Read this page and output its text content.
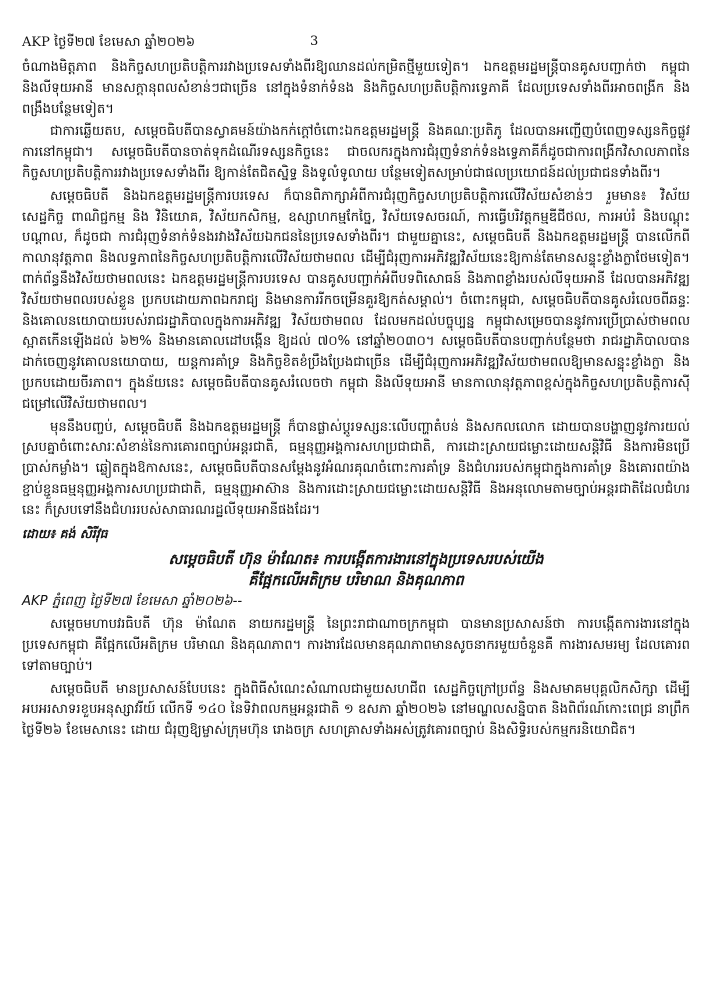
AKP ថ្ងៃទី២៧ ខែមេសា ឆ្នាំ២០២៦	3

ចំណាងមិត្តភាព និងកិច្ចសហប្រតិបត្តិការរវាងប្រទេសទាំងពីរឱ្យឈានដល់កម្រិតថ្មីមួយទៀត។ ឯកឧត្តមរដ្ឋមន្ត្រីបានគូសបញ្ជាក់ថា កម្ពុជា និងលីទុយអានី មានសក្តានុពលសំខាន់ៗជាច្រើន នៅក្នុងទំនាក់ទំនង និងកិច្ចសហប្រតិបត្តិការទ្វេភាគី ដែលប្រទេសទាំងពីរអាចពង្រីក និង ពង្រឹងបន្ថែមទៀត។

ជាការឆ្លើយតប, សម្តេចធិបតីបានស្វាគមន៍យ៉ាងកក់ក្តៅចំពោះឯកឧត្តមរដ្ឋមន្ត្រី និងគណៈប្រតិភូ ដែលបានអញ្ជើញបំពេញទស្សនកិច្ចផ្លូវការនៅកម្ពុជា។ សម្តេចធិបតីបានចាត់ទុកដំណើរទស្សនកិច្ចនេះ ជាចលករក្នុងការជំរុញទំនាក់ទំនងទ្វេភាគីក៏ដូចជាការពង្រីកវិសាលភាពនៃកិច្ចសហប្រតិបត្តិការរវាងប្រទេសទាំងពីរ ឱ្យកាន់តែជិតស្និទ្ធ និងទូលំទូលាយ បន្ថែមទៀតសម្រាប់ជាផលប្រយោជន៍ដល់ប្រជាជនទាំងពីរ។

សម្តេចធិបតី និងឯកឧត្តមរដ្ឋមន្ត្រីការបរទេស ក៏បានពិភាក្សាអំពីការជំរុញកិច្ចសហប្រតិបត្តិការលើវិស័យសំខាន់ៗ រួមមាន៖ វិស័យសេដ្ឋកិច្ច ពាណិជ្ជកម្ម និង វិនិយោគ, វិស័យកសិកម្ម, ឧស្សាហកម្មកែច្នៃ, វិស័យទេសចរណ៍, ការធ្វើបរិវត្តកម្មឌីជីថល, ការអប់រំ និងបណ្តុះបណ្តាល, ក៏ដូចជា ការជំរុញទំនាក់ទំនងរវាងវិស័យឯកជននៃប្រទេសទាំងពីរ។ ជាមួយគ្នានេះ, សម្តេចធិបតី និងឯកឧត្តមរដ្ឋមន្ត្រី បានលើកពីកាលានុវត្តភាព និងលទ្ធភាពនៃកិច្ចសហប្រតិបត្តិការលើវិស័យថាមពល ដើម្បីជំរុញការអភិវឌ្ឍវិស័យនេះឱ្យកាន់តែមានសន្ទុះខ្លាំងក្លាថែមទៀត។ ពាក់ព័ន្ធនឹងវិស័យថាមពលនេះ ឯកឧត្តមរដ្ឋមន្ត្រីការបរទេស បានគូសបញ្ជាក់អំពីបទពិសោធន៍ និងភាពខ្លាំងរបស់លីទុយអានី ដែលបានអភិវឌ្ឍវិស័យថាមពលរបស់ខ្លួន ប្រកបដោយភាពឯករាជ្យ និងមានការរីកចម្រើនគួរឱ្យកត់សម្គាល់។ ចំពោះកម្ពុជា, សម្តេចធិបតីបានគូសរំលេចពីឆន្ទៈ និងគោលនយោបាយរបស់រាជរដ្ឋាភិបាលក្នុងការអភិវឌ្ឍ វិស័យថាមពល ដែលមកដល់បច្ចុប្បន្ន កម្ពុជាសម្រេចបាននូវការប្រើប្រាស់ថាមពលស្អាតកើនឡើងដល់ ៦២% និងមានគោលដៅបង្កើន ឱ្យដល់ ៧០% នៅឆ្នាំ២០៣០។ សម្តេចធិបតីបានបញ្ជាក់បន្ថែមថា រាជរដ្ឋាភិបាលបានដាក់ចេញនូវគោលនយោបាយ, យន្តការគាំទ្រ និងកិច្ចខិតខំប្រឹងប្រែងជាច្រើន ដើម្បីជំរុញការអភិវឌ្ឍវិស័យថាមពលឱ្យមានសន្ទុះខ្លាំងក្លា និងប្រកបដោយចីរភាព។ ក្នុងន័យនេះ សម្តេចធិបតីបានគូសរំលេចថា កម្ពុជា និងលីទុយអានី មានកាលានុវត្តភាពខ្ពស់ក្នុងកិច្ចសហប្រតិបត្តិការស៊ីជម្រៅលើវិស័យថាមពល។

មុននឹងបញ្ចប់, សម្តេចធិបតី និងឯកឧត្តមរដ្ឋមន្ត្រី ក៏បានផ្លាស់ប្តូរទស្សនៈលើបញ្ហាតំបន់ និងសកលលោក ដោយបានបង្ហាញនូវការយល់ស្របគ្នាចំពោះសារៈសំខាន់នៃការគោរពច្បាប់អន្តរជាតិ, ធម្មនុញ្ញអង្គការសហប្រជាជាតិ, ការដោះស្រាយជម្លោះដោយសន្តិវិធី និងការមិនប្រើប្រាស់កម្លាំង។ ឆ្លៀតក្នុងឱកាសនេះ, សម្តេចធិបតីបានសម្តែងនូវអំណរគុណចំពោះការគាំទ្រ និងជំហររបស់កម្ពុជាក្នុងការគាំទ្រ និងគោរពយ៉ាងខ្ជាប់ខ្ជួនធម្មនុញ្ញអង្គការសហប្រជាជាតិ, ធម្មនុញ្ញអាស៊ាន និងការដោះស្រាយជម្លោះដោយសន្តិវិធី និងអនុលោមតាមច្បាប់អន្តរជាតិដែលជំហរនេះ ក៏ស្របទៅនឹងជំហររបស់សាធារណរដ្ឋលីទុយអានីផងដែរ។

ដោយ៖ គង់ សិរីវុធ

សម្តេចធិបតី ហ៊ុន ម៉ាណែត៖ ការបង្កើតការងារនៅក្នុងប្រទេសរបស់យើង
គឺផ្អែកលើអតិក្រម បរិមាណ និងគុណភាព

AKP ភ្នំពេញ ថ្ងៃទី២៧ ខែមេសា ឆ្នាំ២០២៦--

សម្តេចមហាបវរធិបតី ហ៊ុន ម៉ាណែត នាយករដ្ឋមន្ត្រី នៃព្រះរាជាណាចក្រកម្ពុជា បានមានប្រសាសន៍ថា ការបង្កើតការងារនៅក្នុងប្រទេសកម្ពុជា គឺផ្អែកលើអតិក្រម បរិមាណ និងគុណភាព។ ការងារដែលមានគុណភាពមានសូចនាករមួយចំនួនគឺ ការងារសមរម្យ ដែលគោរពទៅតាមច្បាប់។

សម្តេចធិបតី មានប្រសាសន៍បែបនេះ ក្នុងពិធីសំណេះសំណាលជាមួយសហជីព សេដ្ឋកិច្ចក្រៅប្រព័ន្ធ និងសមាគមបុគ្គលិកសិក្សា ដើម្បីអបអរសាទរខួបអនុស្សាវរីយ៍ លើកទី ១៤០ នៃទិវាពលកម្មអន្តរជាតិ ១ ឧសភា ឆ្នាំ២០២៦ នៅមណ្ឌលសន្និបាត និងពិព័រណ៍កោះពេជ្រ នាព្រឹកថ្ងៃទី២៦ ខែមេសានេះ ដោយ ជំរុញឱ្យម្ចាស់ក្រុមហ៊ុន រោងចក្រ សហគ្រាសទាំងអស់ត្រូវគោរពច្បាប់ និងសិទ្ធិរបស់កម្មករនិយោជិត។
